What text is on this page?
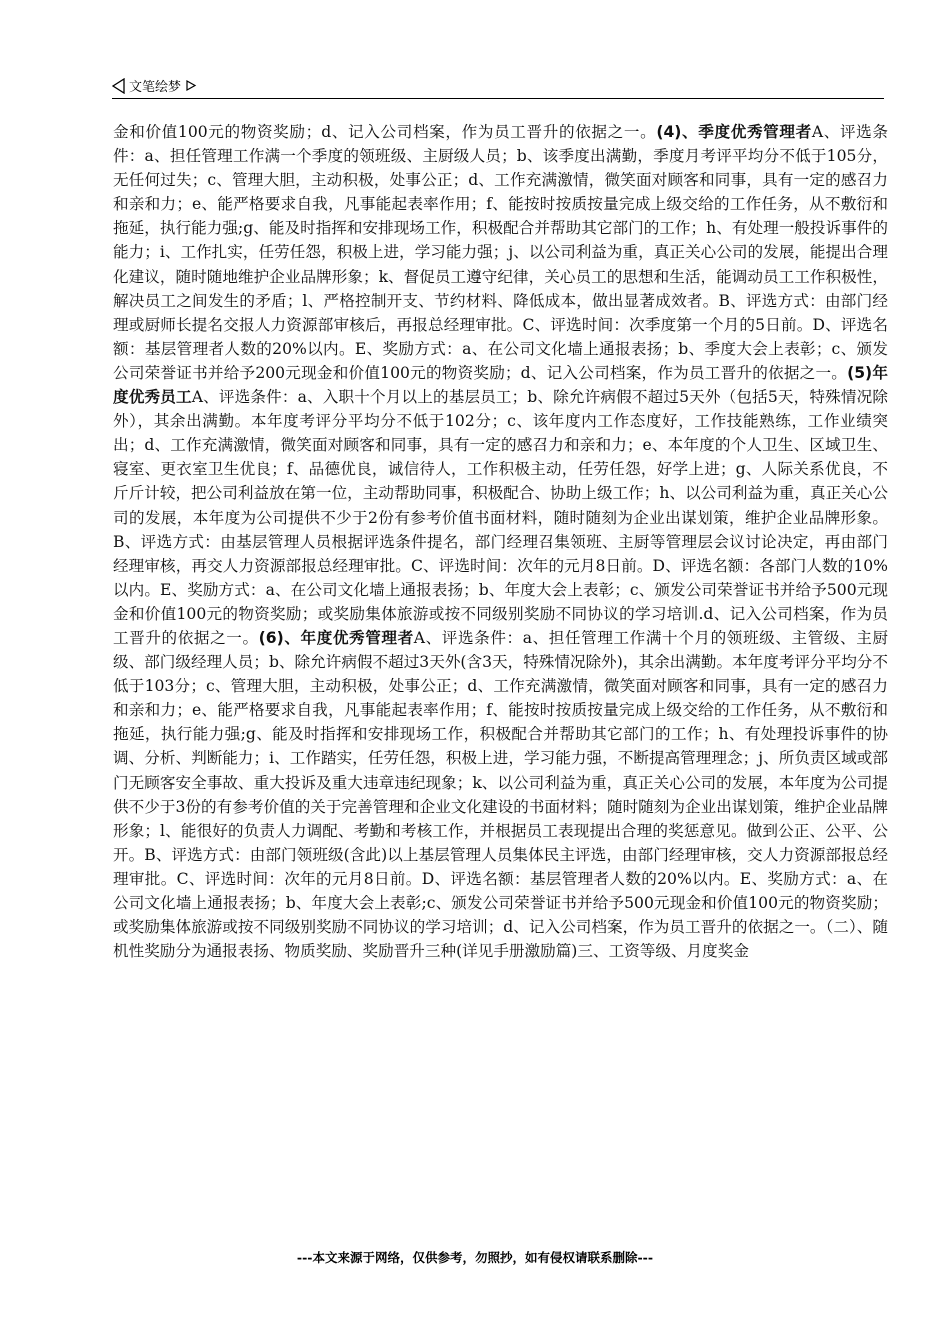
文笔绘梦
金和价值100元的物资奖励；d、记入公司档案，作为员工晋升的依据之一。(4)、季度优秀管理者A、评选条件：a、担任管理工作满一个季度的领班级、主厨级人员；b、该季度出满勤，季度月考评平均分不低于105分，无任何过失；c、管理大胆，主动积极，处事公正；d、工作充满激情，微笑面对顾客和同事，具有一定的感召力和亲和力；e、能严格要求自我，凡事能起表率作用；f、能按时按质按量完成上级交给的工作任务，从不敷衍和拖延，执行能力强;g、能及时指挥和安排现场工作，积极配合并帮助其它部门的工作；h、有处理一般投诉事件的能力；i、工作扎实，任劳任怨，积极上进，学习能力强；j、以公司利益为重，真正关心公司的发展，能提出合理化建议，随时随地维护企业品牌形象；k、督促员工遵守纪律，关心员工的思想和生活，能调动员工工作积极性，解决员工之间发生的矛盾；l、严格控制开支、节约材料、降低成本，做出显著成效者。B、评选方式：由部门经理或厨师长提名交报人力资源部审核后，再报总经理审批。C、评选时间：次季度第一个月的5日前。D、评选名额：基层管理者人数的20%以内。E、奖励方式：a、在公司文化墙上通报表扬；b、季度大会上表彰；c、颁发公司荣誉证书并给予200元现金和价值100元的物资奖励；d、记入公司档案，作为员工晋升的依据之一。(5)年度优秀员工A、评选条件：a、入职十个月以上的基层员工；b、除允许病假不超过5天外（包括5天，特殊情况除外），其余出满勤。本年度考评分平均分不低于102分；c、该年度内工作态度好，工作技能熟练，工作业绩突出；d、工作充满激情，微笑面对顾客和同事，具有一定的感召力和亲和力；e、本年度的个人卫生、区域卫生、寝室、更衣室卫生优良；f、品德优良，诚信待人，工作积极主动，任劳任怨，好学上进；g、人际关系优良，不斤斤计较，把公司利益放在第一位，主动帮助同事，积极配合、协助上级工作；h、以公司利益为重，真正关心公司的发展，本年度为公司提供不少于2份有参考价值书面材料，随时随刻为企业出谋划策，维护企业品牌形象。B、评选方式：由基层管理人员根据评选条件提名，部门经理召集领班、主厨等管理层会议讨论决定，再由部门经理审核，再交人力资源部报总经理审批。C、评选时间：次年的元月8日前。D、评选名额：各部门人数的10%以内。E、奖励方式：a、在公司文化墙上通报表扬；b、年度大会上表彰；c、颁发公司荣誉证书并给予500元现金和价值100元的物资奖励；或奖励集体旅游或按不同级别奖励不同协议的学习培训.d、记入公司档案，作为员工晋升的依据之一。(6)、年度优秀管理者A、评选条件：a、担任管理工作满十个月的领班级、主管级、主厨级、部门级经理人员；b、除允许病假不超过3天外(含3天，特殊情况除外)，其余出满勤。本年度考评分平均分不低于103分；c、管理大胆，主动积极，处事公正；d、工作充满激情，微笑面对顾客和同事，具有一定的感召力和亲和力；e、能严格要求自我，凡事能起表率作用；f、能按时按质按量完成上级交给的工作任务，从不敷衍和拖延，执行能力强;g、能及时指挥和安排现场工作，积极配合并帮助其它部门的工作；h、有处理投诉事件的协调、分析、判断能力；i、工作踏实，任劳任怨，积极上进，学习能力强，不断提高管理理念；j、所负责区域或部门无顾客安全事故、重大投诉及重大违章违纪现象；k、以公司利益为重，真正关心公司的发展，本年度为公司提供不少于3份的有参考价值的关于完善管理和企业文化建设的书面材料；随时随刻为企业出谋划策，维护企业品牌形象；l、能很好的负责人力调配、考勤和考核工作，并根据员工表现提出合理的奖惩意见。做到公正、公平、公开。B、评选方式：由部门领班级(含此)以上基层管理人员集体民主评选，由部门经理审核，交人力资源部报总经理审批。C、评选时间：次年的元月8日前。D、评选名额：基层管理者人数的20%以内。E、奖励方式：a、在公司文化墙上通报表扬；b、年度大会上表彰;c、颁发公司荣誉证书并给予500元现金和价值100元的物资奖励；或奖励集体旅游或按不同级别奖励不同协议的学习培训；d、记入公司档案，作为员工晋升的依据之一。（二）、随机性奖励分为通报表扬、物质奖励、奖励晋升三种(详见手册激励篇)三、工资等级、月度奖金
---本文来源于网络，仅供参考，勿照抄，如有侵权请联系删除---
